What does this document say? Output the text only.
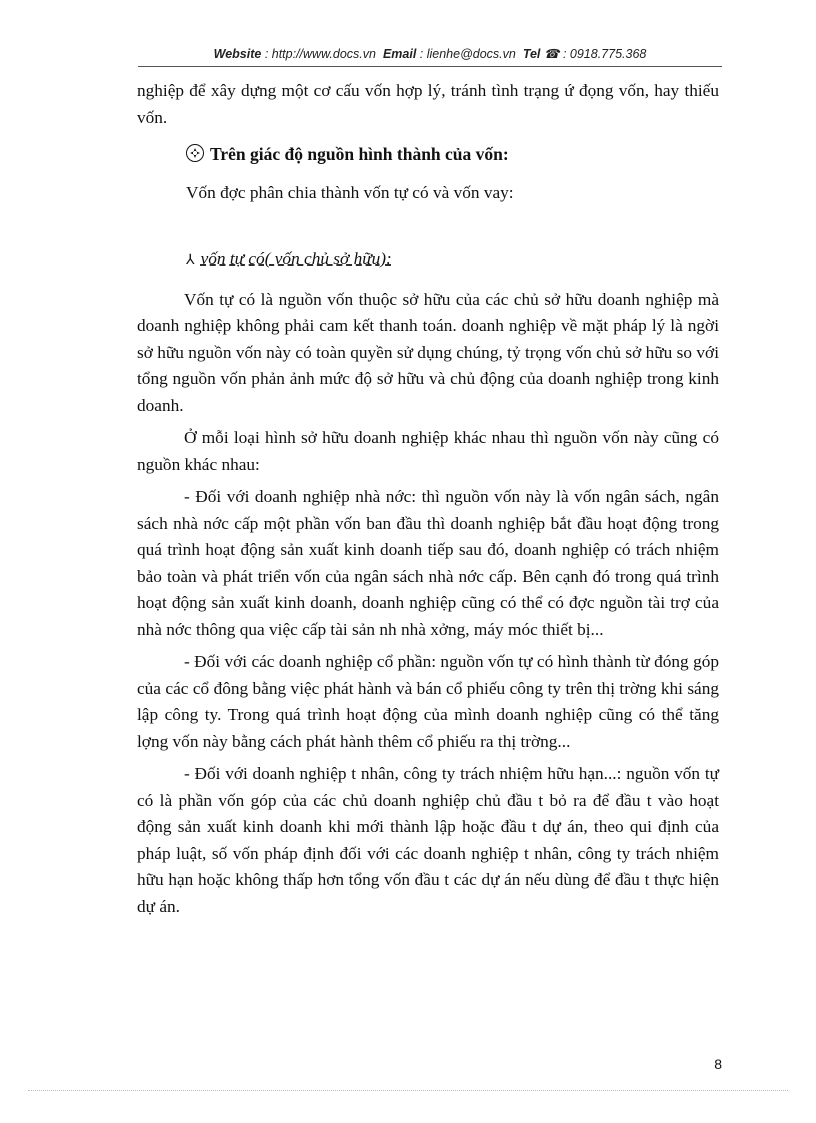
Website : http://www.docs.vn Email : lienhe@docs.vn Tel ☎ : 0918.775.368

nghiệp để xây dựng một cơ cấu vốn hợp lý, tránh tình trạng ứ đọng vốn, hay thiếu vốn.

Trên giác độ nguồn hình thành của vốn:

Vốn đợc phân chia thành vốn tự có và vốn vay:

⅄ vốn tự có( vốn chủ sở hữu):

Vốn tự có là nguồn vốn thuộc sở hữu của các chủ sở hữu doanh nghiệp mà doanh nghiệp không phải cam kết thanh toán. doanh nghiệp về mặt pháp lý là ngời sở hữu nguồn vốn này có toàn quyền sử dụng chúng, tỷ trọng vốn chủ sở hữu so với tổng nguồn vốn phản ảnh mức độ sở hữu và chủ động của doanh nghiệp trong kinh doanh.

Ở mỗi loại hình sở hữu doanh nghiệp khác nhau thì nguồn vốn này cũng có nguồn khác nhau:

- Đối với doanh nghiệp nhà nớc: thì nguồn vốn này là vốn ngân sách, ngân sách nhà nớc cấp một phần vốn ban đầu thì doanh nghiệp bắt đầu hoạt động trong quá trình hoạt động sản xuất kinh doanh tiếp sau đó, doanh nghiệp có trách nhiệm bảo toàn và phát triển vốn của ngân sách nhà nớc cấp. Bên cạnh đó trong quá trình hoạt động sản xuất kinh doanh, doanh nghiệp cũng có thể có đợc nguồn tài trợ của nhà nớc thông qua việc cấp tài sản nh nhà xởng, máy móc thiết bị...

- Đối với các doanh nghiệp cổ phần: nguồn vốn tự có hình thành từ đóng góp của các cổ đông bằng việc phát hành và bán cổ phiếu công ty trên thị trờng khi sáng lập công ty. Trong quá trình hoạt động của mình doanh nghiệp cũng có thể tăng lợng vốn này bằng cách phát hành thêm cổ phiếu ra thị trờng...

- Đối với doanh nghiệp t nhân, công ty trách nhiệm hữu hạn...: nguồn vốn tự có là phần vốn góp của các chủ doanh nghiệp chủ đầu t bỏ ra để đầu t vào hoạt động sản xuất kinh doanh khi mới thành lập hoặc đầu t dự án, theo qui định của pháp luật, số vốn pháp định đối với các doanh nghiệp t nhân, công ty trách nhiệm hữu hạn hoặc không thấp hơn tổng vốn đầu t các dự án nếu dùng để đầu t thực hiện dự án.

8
